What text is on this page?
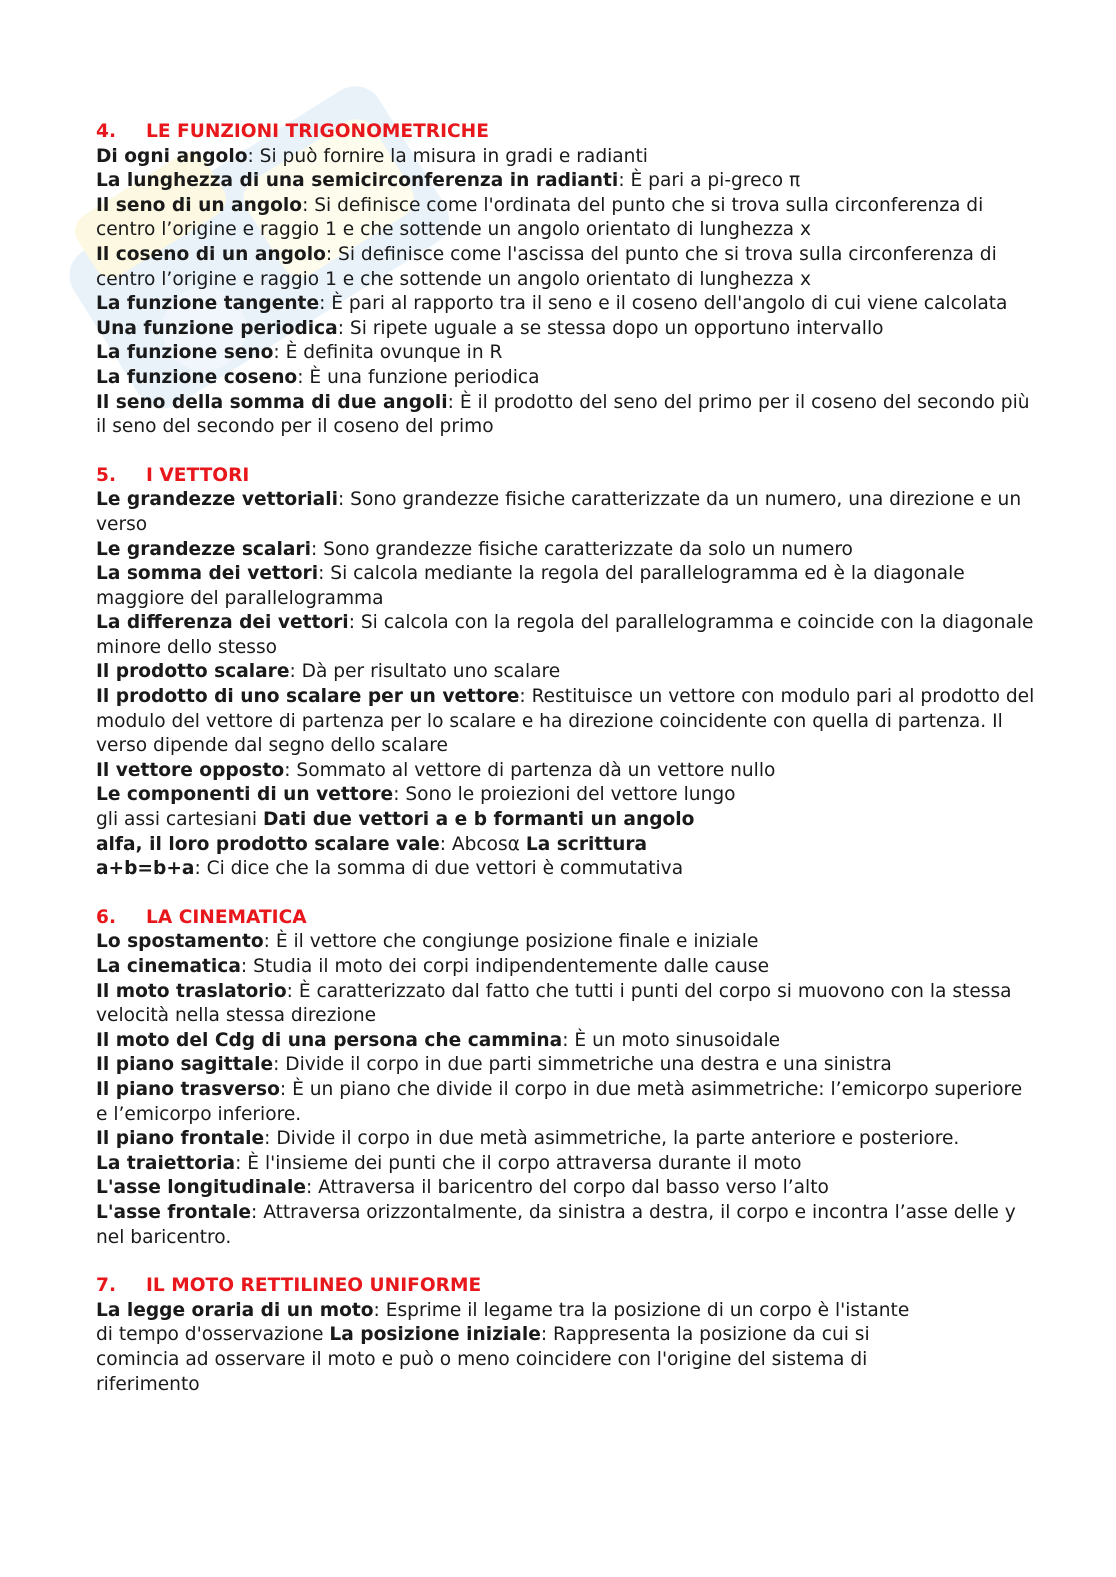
4. LE FUNZIONI TRIGONOMETRICHE

Di ogni angolo: Si può fornire la misura in gradi e radianti

La lunghezza di una semicirconferenza in radianti: È pari a pi-greco π

Il seno di un angolo: Si definisce come l'ordinata del punto che si trova sulla circonferenza di centro l’origine e raggio 1 e che sottende un angolo orientato di lunghezza x

Il coseno di un angolo: Si definisce come l'ascissa del punto che si trova sulla circonferenza di centro l’origine e raggio 1 e che sottende un angolo orientato di lunghezza x

La funzione tangente: È pari al rapporto tra il seno e il coseno dell'angolo di cui viene calcolata

Una funzione periodica: Si ripete uguale a se stessa dopo un opportuno intervallo

La funzione seno: È definita ovunque in R

La funzione coseno: È una funzione periodica

Il seno della somma di due angoli: È il prodotto del seno del primo per il coseno del secondo più il seno del secondo per il coseno del primo

5. I VETTORI

Le grandezze vettoriali: Sono grandezze fisiche caratterizzate da un numero, una direzione e un verso

Le grandezze scalari: Sono grandezze fisiche caratterizzate da solo un numero

La somma dei vettori: Si calcola mediante la regola del parallelogramma ed è la diagonale maggiore del parallelogramma

La differenza dei vettori: Si calcola con la regola del parallelogramma e coincide con la diagonale minore dello stesso

Il prodotto scalare: Dà per risultato uno scalare

Il prodotto di uno scalare per un vettore: Restituisce un vettore con modulo pari al prodotto del modulo del vettore di partenza per lo scalare e ha direzione coincidente con quella di partenza. Il verso dipende dal segno dello scalare

Il vettore opposto: Sommato al vettore di partenza dà un vettore nullo

Le componenti di un vettore: Sono le proiezioni del vettore lungo

gli assi cartesiani Dati due vettori a e b formanti un angolo

alfa, il loro prodotto scalare vale: Abcosα La scrittura

a+b=b+a: Ci dice che la somma di due vettori è commutativa

6. LA CINEMATICA

Lo spostamento: È il vettore che congiunge posizione finale e iniziale

La cinematica: Studia il moto dei corpi indipendentemente dalle cause

Il moto traslatorio: È caratterizzato dal fatto che tutti i punti del corpo si muovono con la stessa velocità nella stessa direzione

Il moto del Cdg di una persona che cammina: È un moto sinusoidale

Il piano sagittale: Divide il corpo in due parti simmetriche una destra e una sinistra

Il piano trasverso: È un piano che divide il corpo in due metà asimmetriche: l’emicorpo superiore e l’emicorpo inferiore.

Il piano frontale: Divide il corpo in due metà asimmetriche, la parte anteriore e posteriore.

La traiettoria: È l'insieme dei punti che il corpo attraversa durante il moto

L'asse longitudinale: Attraversa il baricentro del corpo dal basso verso l’alto

L'asse frontale: Attraversa orizzontalmente, da sinistra a destra, il corpo e incontra l’asse delle y nel baricentro.

7. IL MOTO RETTILINEO UNIFORME

La legge oraria di un moto: Esprime il legame tra la posizione di un corpo è l'istante

di tempo d'osservazione La posizione iniziale: Rappresenta la posizione da cui si

comincia ad osservare il moto e può o meno coincidere con l'origine del sistema di

riferimento
